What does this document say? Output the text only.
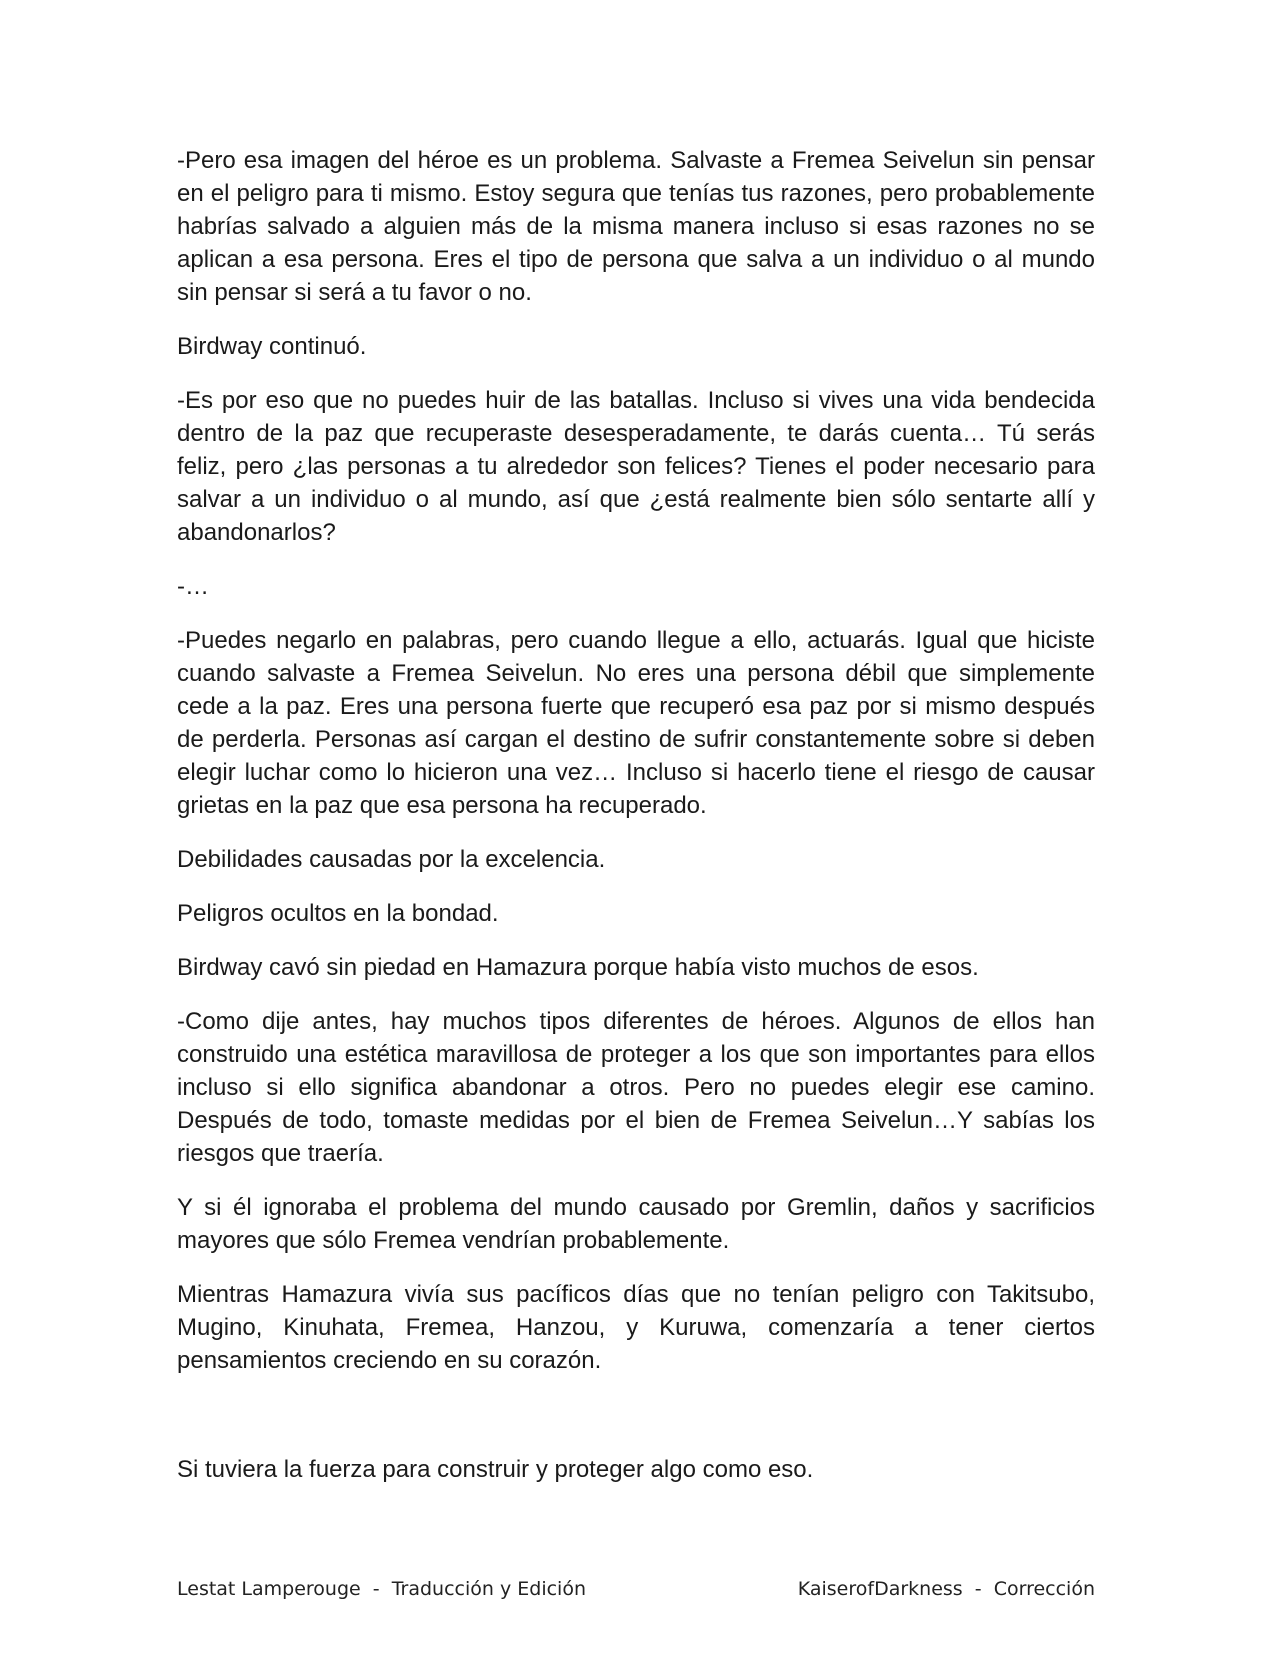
-Pero esa imagen del héroe es un problema. Salvaste a Fremea Seivelun sin pensar en el peligro para ti mismo. Estoy segura que tenías tus razones, pero probablemente habrías salvado a alguien más de la misma manera incluso si esas razones no se aplican a esa persona. Eres el tipo de persona que salva a un individuo o al mundo sin pensar si será a tu favor o no.

Birdway continuó.

-Es por eso que no puedes huir de las batallas. Incluso si vives una vida bendecida dentro de la paz que recuperaste desesperadamente, te darás cuenta… Tú serás feliz, pero ¿las personas a tu alrededor son felices? Tienes el poder necesario para salvar a un individuo o al mundo, así que ¿está realmente bien sólo sentarte allí y abandonarlos?

-…

-Puedes negarlo en palabras, pero cuando llegue a ello, actuarás. Igual que hiciste cuando salvaste a Fremea Seivelun. No eres una persona débil que simplemente cede a la paz. Eres una persona fuerte que recuperó esa paz por si mismo después de perderla. Personas así cargan el destino de sufrir constantemente sobre si deben elegir luchar como lo hicieron una vez… Incluso si hacerlo tiene el riesgo de causar grietas en la paz que esa persona ha recuperado.

Debilidades causadas por la excelencia.

Peligros ocultos en la bondad.

Birdway cavó sin piedad en Hamazura porque había visto muchos de esos.

-Como dije antes, hay muchos tipos diferentes de héroes. Algunos de ellos han construido una estética maravillosa de proteger a los que son importantes para ellos incluso si ello significa abandonar a otros. Pero no puedes elegir ese camino. Después de todo, tomaste medidas por el bien de Fremea Seivelun…Y sabías los riesgos que traería.

Y si él ignoraba el problema del mundo causado por Gremlin, daños y sacrificios mayores que sólo Fremea vendrían probablemente.

Mientras Hamazura vivía sus pacíficos días que no tenían peligro con Takitsubo, Mugino, Kinuhata, Fremea, Hanzou, y Kuruwa, comenzaría a tener ciertos pensamientos creciendo en su corazón.

Si tuviera la fuerza para construir y proteger algo como eso.

Lestat Lamperouge  -  Traducción y Edición	KaiserofDarkness  -  Corrección
